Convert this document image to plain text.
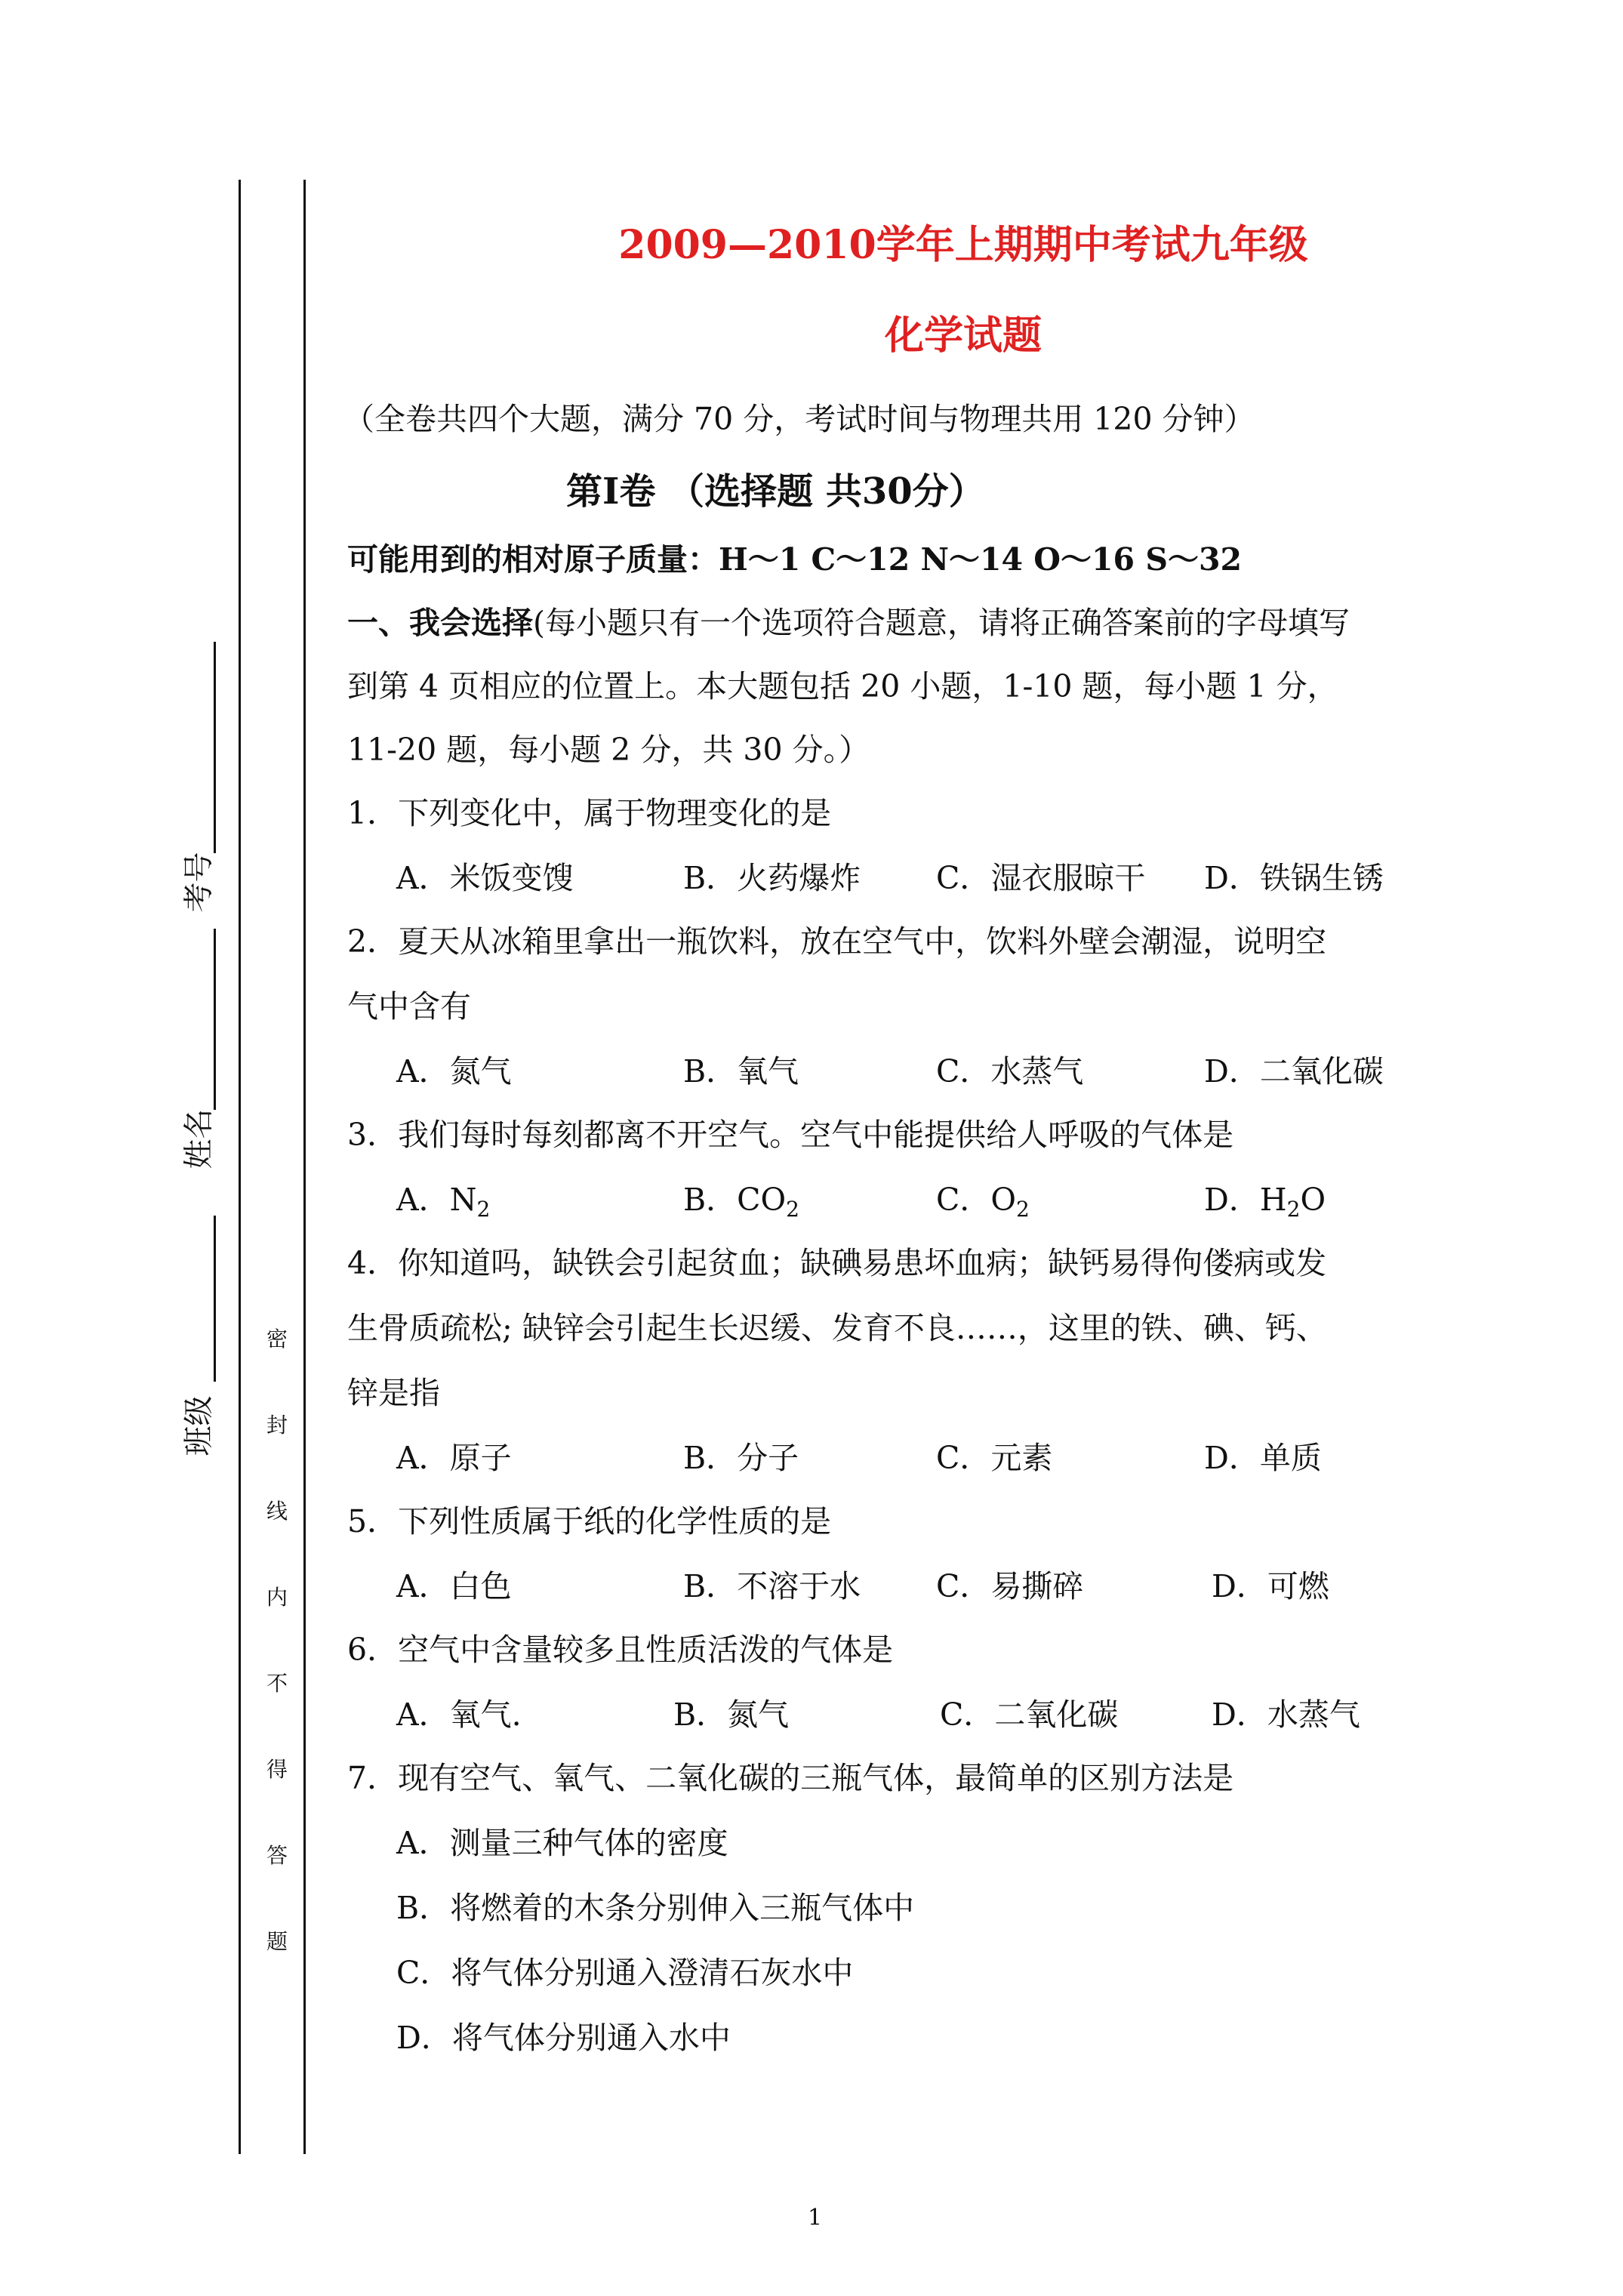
考号
姓名
班级
密
封
线
内
不
得
答
题
2009—2010学年上期期中考试九年级
化学试题
（全卷共四个大题，满分 70 分，考试时间与物理共用 120 分钟）
第Ⅰ卷 （选择题 共30分）
可能用到的相对原子质量：H～1 C～12 N～14 O～16 S～32
一、我会选择(每小题只有一个选项符合题意，请将正确答案前的字母填写
到第 4 页相应的位置上。本大题包括 20 小题，1-10 题，每小题 1 分，
11-20 题，每小题 2 分，共 30 分。）
1．下列变化中，属于物理变化的是
A．米饭变馊	B．火药爆炸 C．湿衣服晾干 D．铁锅生锈
2．夏天从冰箱里拿出一瓶饮料，放在空气中，饮料外壁会潮湿，说明空
气中含有
A．氮气	B．氧气	C．水蒸气	D．二氧化碳
3．我们每时每刻都离不开空气。空气中能提供给人呼吸的气体是
A．$N_2$	B．$CO_2$	C．$O_2$	D．$H_2O$
4．你知道吗，缺铁会引起贫血；缺碘易患坏血病；缺钙易得佝偻病或发
生骨质疏松; 缺锌会引起生长迟缓、发育不良……，这里的铁、碘、钙、
锌是指
A．原子	B．分子	C．元素	D．单质
5．下列性质属于纸的化学性质的是
A．白色	B．不溶于水 C．易撕碎	D．可燃
6．空气中含量较多且性质活泼的气体是
A．氧气.	B．氮气	C．二氧化碳	D．水蒸气
7．现有空气、氧气、二氧化碳的三瓶气体，最简单的区别方法是
A．测量三种气体的密度
B．将燃着的木条分别伸入三瓶气体中
C．将气体分别通入澄清石灰水中
D．将气体分别通入水中
1
